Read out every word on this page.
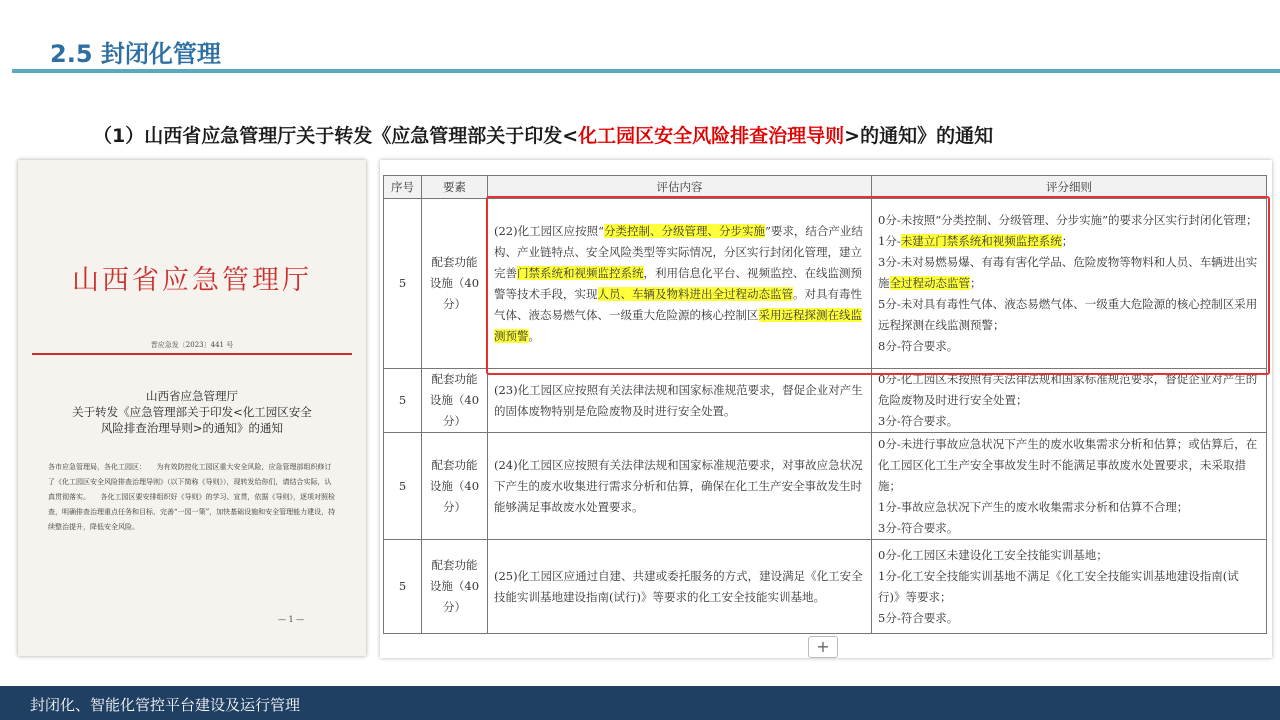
2.5 封闭化管理
（1）山西省应急管理厅关于转发《应急管理部关于印发<化工园区安全风险排查治理导则>的通知》的通知
山西省应急管理厅
晋应急发〔2023〕441 号
山西省应急管理厅
关于转发《应急管理部关于印发<化工园区安全
风险排查治理导则>的通知》的通知
各市应急管理局，各化工园区：　　为有效防控化工园区重大安全风险，应急管理部组织修订了《化工园区安全风险排查治理导则》（以下简称《导则》），现转发给你们，请结合实际，认真贯彻落实。　　各化工园区要安排组织好《导则》的学习、宣贯，依据《导则》，逐项对照检查，明确排查治理重点任务和目标，完善“一园一策”，加快基础设施和安全管理能力建设，持续整治提升，降低安全风险。
— 1 —
序号	要素	评估内容	评分细则
5	配套功能设施（40分）	(22)化工园区应按照“分类控制、分级管理、分步实施”要求，结合产业结构、产业链特点、安全风险类型等实际情况，分区实行封闭化管理，建立完善门禁系统和视频监控系统，利用信息化平台、视频监控、在线监测预警等技术手段，实现人员、车辆及物料进出全过程动态监管。对具有毒性气体、液态易燃气体、一级重大危险源的核心控制区采用远程探测在线监测预警。	0分-未按照“分类控制、分级管理、分步实施”的要求分区实行封闭化管理；
1分-未建立门禁系统和视频监控系统；
3分-未对易燃易爆、有毒有害化学品、危险废物等物料和人员、车辆进出实施全过程动态监管；
5分-未对具有毒性气体、液态易燃气体、一级重大危险源的核心控制区采用远程探测在线监测预警；
8分-符合要求。
5	配套功能设施（40分）	(23)化工园区应按照有关法律法规和国家标准规范要求，督促企业对产生的固体废物特别是危险废物及时进行安全处置。	0分-化工园区未按照有关法律法规和国家标准规范要求，督促企业对产生的危险废物及时进行安全处置；
3分-符合要求。
5	配套功能设施（40分）	(24)化工园区应按照有关法律法规和国家标准规范要求，对事故应急状况下产生的废水收集进行需求分析和估算，确保在化工生产安全事故发生时能够满足事故废水处置要求。	0分-未进行事故应急状况下产生的废水收集需求分析和估算；或估算后，在化工园区化工生产安全事故发生时不能满足事故废水处置要求，未采取措施；
1分-事故应急状况下产生的废水收集需求分析和估算不合理；
3分-符合要求。
5	配套功能设施（40分）	(25)化工园区应通过自建、共建或委托服务的方式，建设满足《化工安全技能实训基地建设指南(试行)》等要求的化工安全技能实训基地。	0分-化工园区未建设化工安全技能实训基地；
1分-化工安全技能实训基地不满足《化工安全技能实训基地建设指南(试行)》等要求；
5分-符合要求。
+
封闭化、智能化管控平台建设及运行管理
